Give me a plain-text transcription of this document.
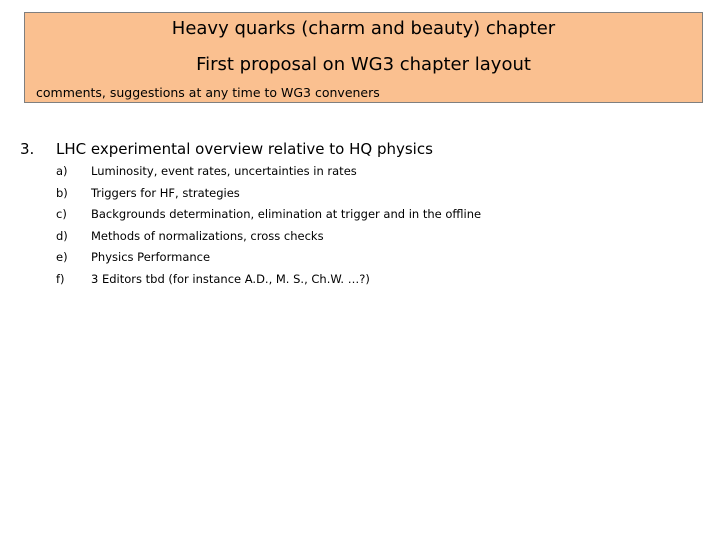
Heavy quarks (charm and beauty) chapter
First proposal on WG3 chapter layout
comments, suggestions at any time to WG3 conveners
3. LHC experimental overview relative to HQ physics
a) Luminosity, event rates, uncertainties in rates
b) Triggers for HF, strategies
c) Backgrounds determination, elimination at trigger and in the offline
d) Methods of normalizations, cross checks
e) Physics Performance
f) 3 Editors tbd (for instance A.D., M. S., Ch.W. …?)
